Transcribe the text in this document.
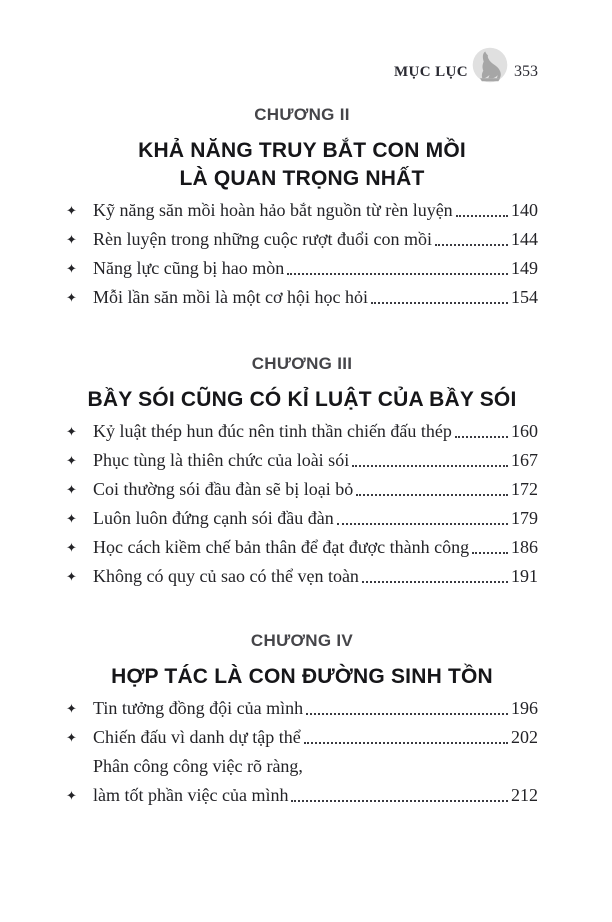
MỤC LỤC	353
CHƯƠNG II
KHẢ NĂNG TRUY BẮT CON MỒI
LÀ QUAN TRỌNG NHẤT
✦ Kỹ năng săn mồi hoàn hảo bắt nguồn từ rèn luyện	140
✦ Rèn luyện trong những cuộc rượt đuổi con mồi	144
✦ Năng lực cũng bị hao mòn	149
✦ Mỗi lần săn mồi là một cơ hội học hỏi	154
CHƯƠNG III
BẦY SÓI CŨNG CÓ KỈ LUẬT CỦA BẦY SÓI
✦ Kỷ luật thép hun đúc nên tinh thần chiến đấu thép	160
✦ Phục tùng là thiên chức của loài sói	167
✦ Coi thường sói đầu đàn sẽ bị loại bỏ	172
✦ Luôn luôn đứng cạnh sói đầu đàn	179
✦ Học cách kiềm chế bản thân để đạt được thành công 186
✦ Không có quy củ sao có thể vẹn toàn	191
CHƯƠNG IV
HỢP TÁC LÀ CON ĐƯỜNG SINH TỒN
✦ Tin tưởng đồng đội của mình	196
✦ Chiến đấu vì danh dự tập thể	202
✦
Phân công công việc rõ ràng,
làm tốt phần việc của mình	212
